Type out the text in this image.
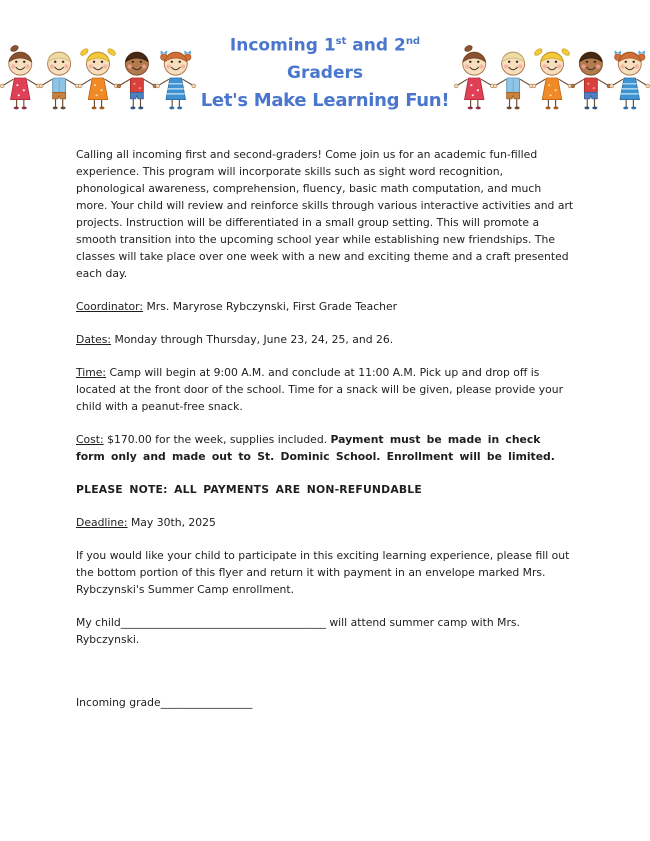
Incoming 1st and 2nd
Graders
Let's Make Learning Fun!

Calling all incoming first and second-graders! Come join us for an academic fun-filled experience. This program will incorporate skills such as sight word recognition, phonological awareness, comprehension, fluency, basic math computation, and much more. Your child will review and reinforce skills through various interactive activities and art projects. Instruction will be differentiated in a small group setting. This will promote a smooth transition into the upcoming school year while establishing new friendships. The classes will take place over one week with a new and exciting theme and a craft presented each day.

Coordinator: Mrs. Maryrose Rybczynski, First Grade Teacher

Dates: Monday through Thursday, June 23, 24, 25, and 26.

Time: Camp will begin at 9:00 A.M. and conclude at 11:00 A.M. Pick up and drop off is located at the front door of the school. Time for a snack will be given, please provide your child with a peanut-free snack.

Cost: $170.00 for the week, supplies included. Payment must be made in check form only and made out to St. Dominic School. Enrollment will be limited.

PLEASE NOTE: ALL PAYMENTS ARE NON-REFUNDABLE

Deadline: May 30th, 2025

If you would like your child to participate in this exciting learning experience, please fill out the bottom portion of this flyer and return it with payment in an envelope marked Mrs. Rybczynski's Summer Camp enrollment.

My child______________________________________ will attend summer camp with Mrs. Rybczynski.

Incoming grade_________________
